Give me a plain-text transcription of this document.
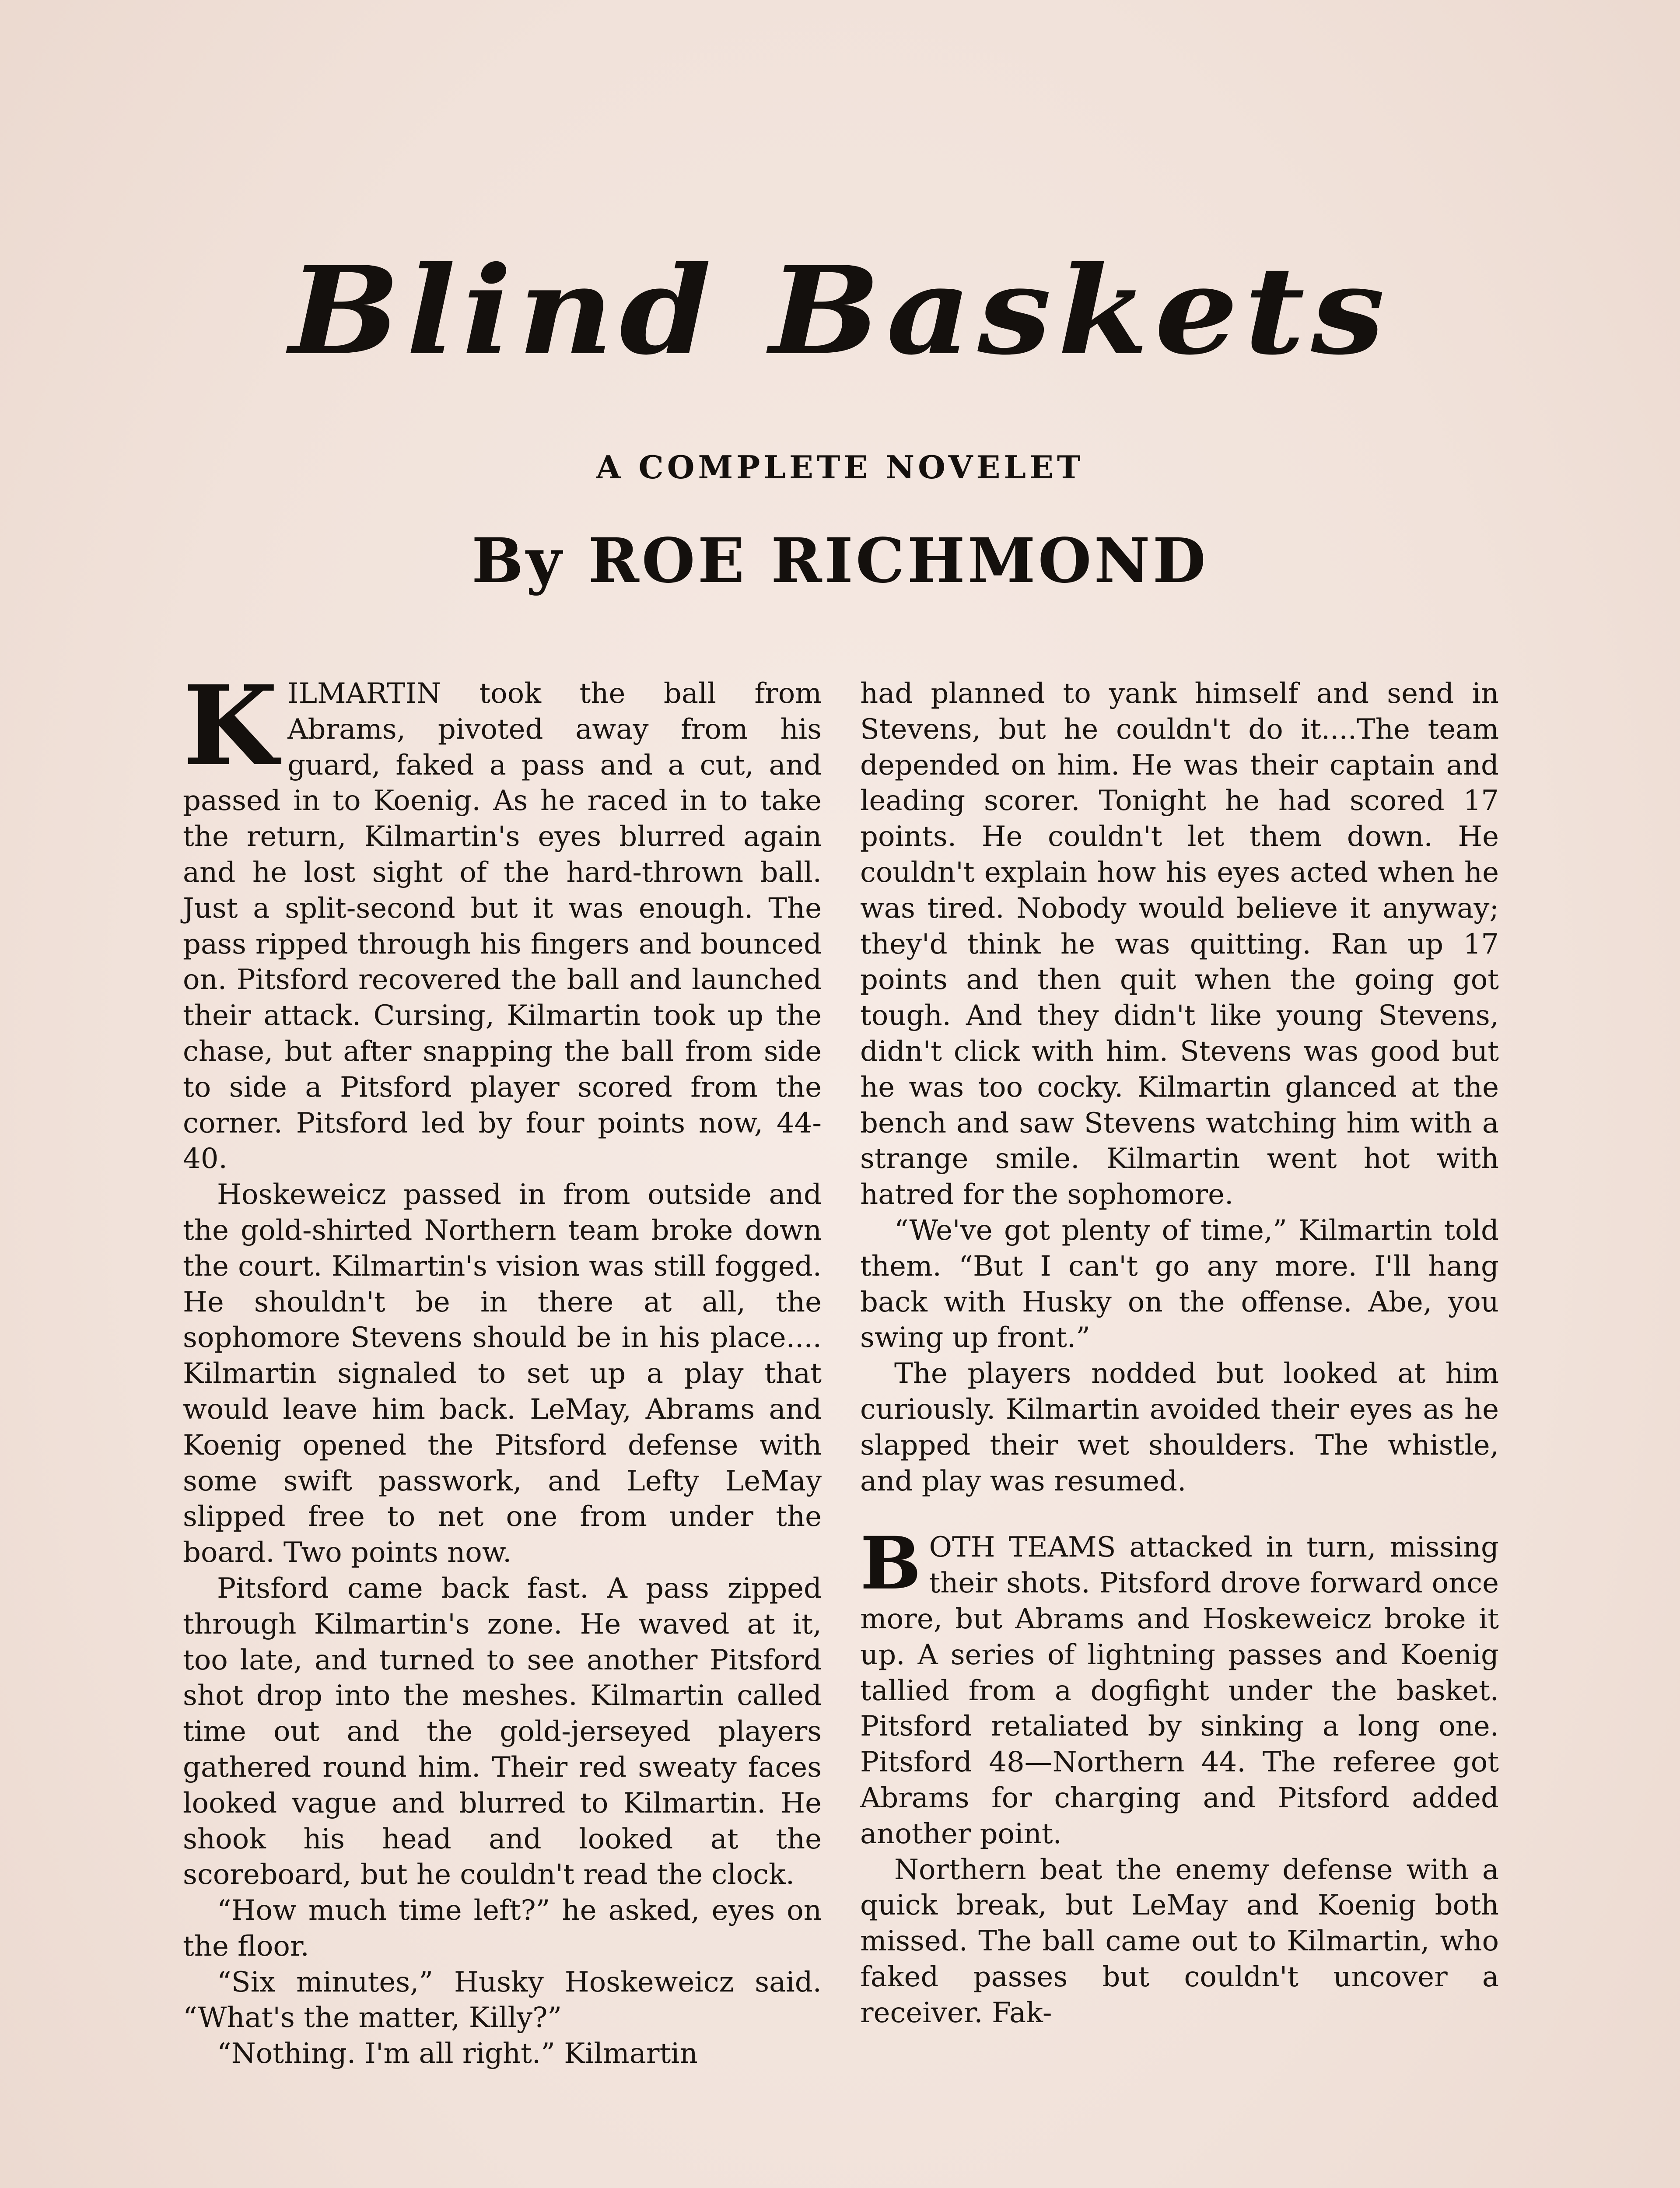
Blind Baskets
A COMPLETE NOVELET
By ROE RICHMOND

KILMARTIN took the ball from Abrams, pivoted away from his guard, faked a pass and a cut, and passed in to Koenig. As he raced in to take the return, Kilmartin's eyes blurred again and he lost sight of the hard-thrown ball. Just a split-second but it was enough. The pass ripped through his fingers and bounced on. Pitsford recovered the ball and launched their attack. Cursing, Kilmartin took up the chase, but after snapping the ball from side to side a Pitsford player scored from the corner. Pitsford led by four points now, 44-40.

Hoskeweicz passed in from outside and the gold-shirted Northern team broke down the court. Kilmartin's vision was still fogged. He shouldn't be in there at all, the sophomore Stevens should be in his place.... Kilmartin signaled to set up a play that would leave him back. LeMay, Abrams and Koenig opened the Pitsford defense with some swift passwork, and Lefty LeMay slipped free to net one from under the board. Two points now.

Pitsford came back fast. A pass zipped through Kilmartin's zone. He waved at it, too late, and turned to see another Pitsford shot drop into the meshes. Kilmartin called time out and the gold-jerseyed players gathered round him. Their red sweaty faces looked vague and blurred to Kilmartin. He shook his head and looked at the scoreboard, but he couldn't read the clock.

“How much time left?” he asked, eyes on the floor.

“Six minutes,” Husky Hoskeweicz said. “What's the matter, Killy?”

“Nothing. I'm all right.” Kilmartin

had planned to yank himself and send in Stevens, but he couldn't do it....The team depended on him. He was their captain and leading scorer. Tonight he had scored 17 points. He couldn't let them down. He couldn't explain how his eyes acted when he was tired. Nobody would believe it anyway; they'd think he was quitting. Ran up 17 points and then quit when the going got tough. And they didn't like young Stevens, didn't click with him. Stevens was good but he was too cocky. Kilmartin glanced at the bench and saw Stevens watching him with a strange smile. Kilmartin went hot with hatred for the sophomore.

“We've got plenty of time,” Kilmartin told them. “But I can't go any more. I'll hang back with Husky on the offense. Abe, you swing up front.”

The players nodded but looked at him curiously. Kilmartin avoided their eyes as he slapped their wet shoulders. The whistle, and play was resumed.

BOTH TEAMS attacked in turn, missing their shots. Pitsford drove forward once more, but Abrams and Hoskeweicz broke it up. A series of lightning passes and Koenig tallied from a dogfight under the basket. Pitsford retaliated by sinking a long one. Pitsford 48—Northern 44. The referee got Abrams for charging and Pitsford added another point.

Northern beat the enemy defense with a quick break, but LeMay and Koenig both missed. The ball came out to Kilmartin, who faked passes but couldn't uncover a receiver. Fak-
